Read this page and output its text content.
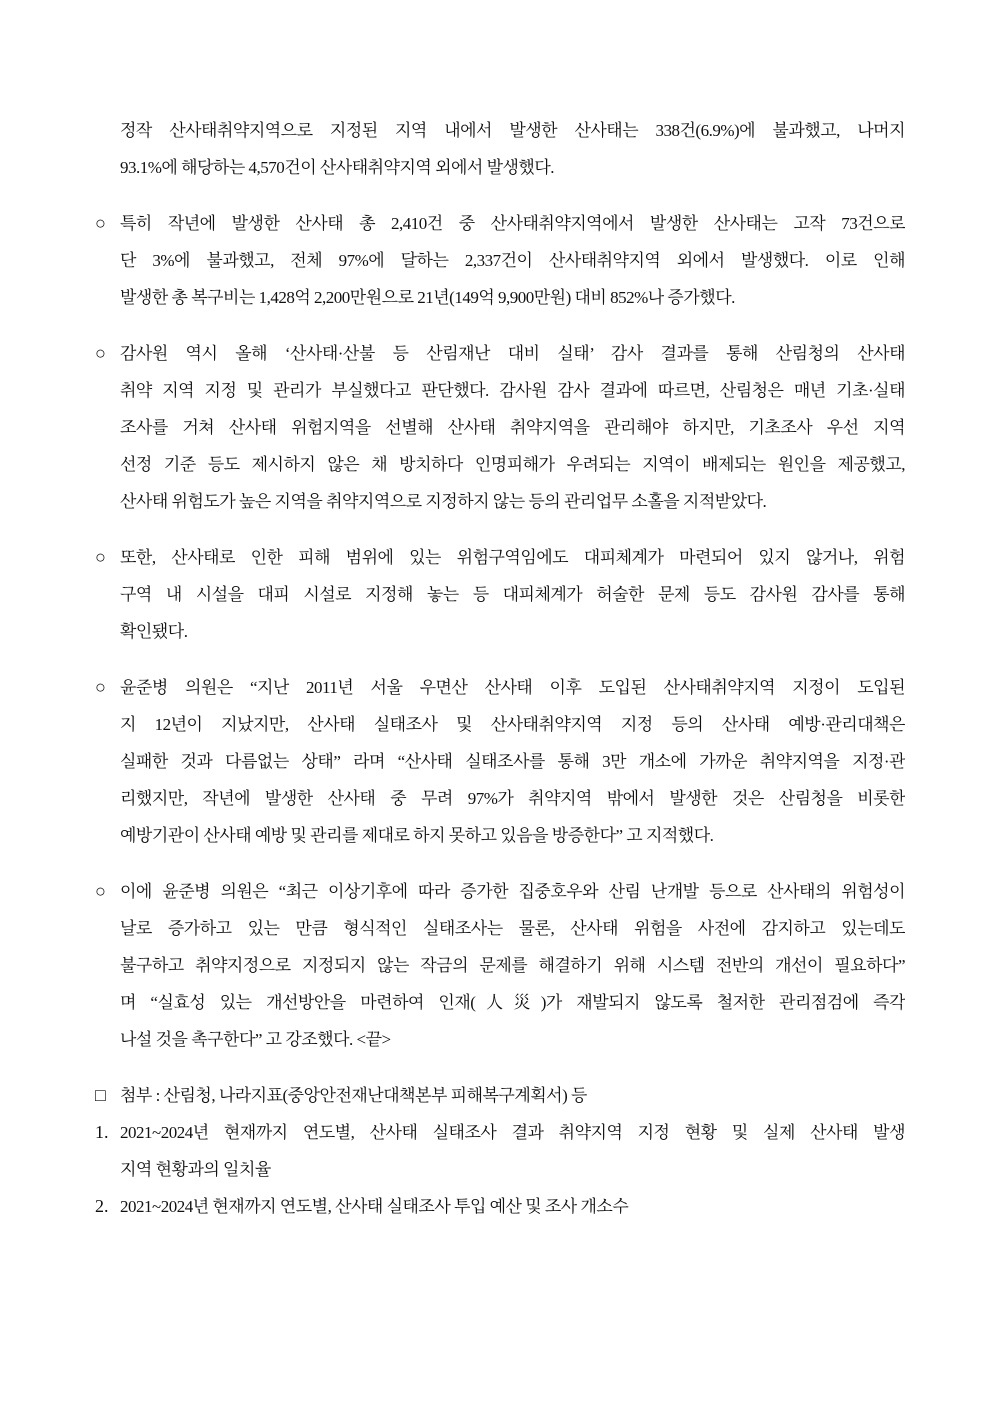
정작 산사태취약지역으로 지정된 지역 내에서 발생한 산사태는 338건(6.9%)에 불과했고, 나머지
93.1%에 해당하는 4,570건이 산사태취약지역 외에서 발생했다.
○ 특히 작년에 발생한 산사태 총 2,410건 중 산사태취약지역에서 발생한 산사태는 고작 73건으로
단 3%에 불과했고, 전체 97%에 달하는 2,337건이 산사태취약지역 외에서 발생했다. 이로 인해
발생한 총 복구비는 1,428억 2,200만원으로 21년(149억 9,900만원) 대비 852%나 증가했다.
○ 감사원 역시 올해 ‘산사태·산불 등 산림재난 대비 실태’ 감사 결과를 통해 산림청의 산사태
취약 지역 지정 및 관리가 부실했다고 판단했다. 감사원 감사 결과에 따르면, 산림청은 매년 기초·실태
조사를 거쳐 산사태 위험지역을 선별해 산사태 취약지역을 관리해야 하지만, 기초조사 우선 지역
선정 기준 등도 제시하지 않은 채 방치하다 인명피해가 우려되는 지역이 배제되는 원인을 제공했고,
산사태 위험도가 높은 지역을 취약지역으로 지정하지 않는 등의 관리업무 소홀을 지적받았다.
○ 또한, 산사태로 인한 피해 범위에 있는 위험구역임에도 대피체계가 마련되어 있지 않거나, 위험
구역 내 시설을 대피 시설로 지정해 놓는 등 대피체계가 허술한 문제 등도 감사원 감사를 통해
확인됐다.
○ 윤준병 의원은 “지난 2011년 서울 우면산 산사태 이후 도입된 산사태취약지역 지정이 도입된
지 12년이 지났지만, 산사태 실태조사 및 산사태취약지역 지정 등의 산사태 예방·관리대책은
실패한 것과 다름없는 상태” 라며 “산사태 실태조사를 통해 3만 개소에 가까운 취약지역을 지정·관
리했지만, 작년에 발생한 산사태 중 무려 97%가 취약지역 밖에서 발생한 것은 산림청을 비롯한
예방기관이 산사태 예방 및 관리를 제대로 하지 못하고 있음을 방증한다” 고 지적했다.
○ 이에 윤준병 의원은 “최근 이상기후에 따라 증가한 집중호우와 산림 난개발 등으로 산사태의 위험성이
날로 증가하고 있는 만큼 형식적인 실태조사는 물론, 산사태 위험을 사전에 감지하고 있는데도
불구하고 취약지정으로 지정되지 않는 작금의 문제를 해결하기 위해 시스템 전반의 개선이 필요하다”
며 “실효성 있는 개선방안을 마련하여 인재(人災)가 재발되지 않도록 철저한 관리점검에 즉각
나설 것을 촉구한다” 고 강조했다. <끝>
□ 첨부 : 산림청, 나라지표(중앙안전재난대책본부 피해복구계획서) 등
1. 2021~2024년 현재까지 연도별, 산사태 실태조사 결과 취약지역 지정 현황 및 실제 산사태 발생
지역 현황과의 일치율
2. 2021~2024년 현재까지 연도별, 산사태 실태조사 투입 예산 및 조사 개소수
